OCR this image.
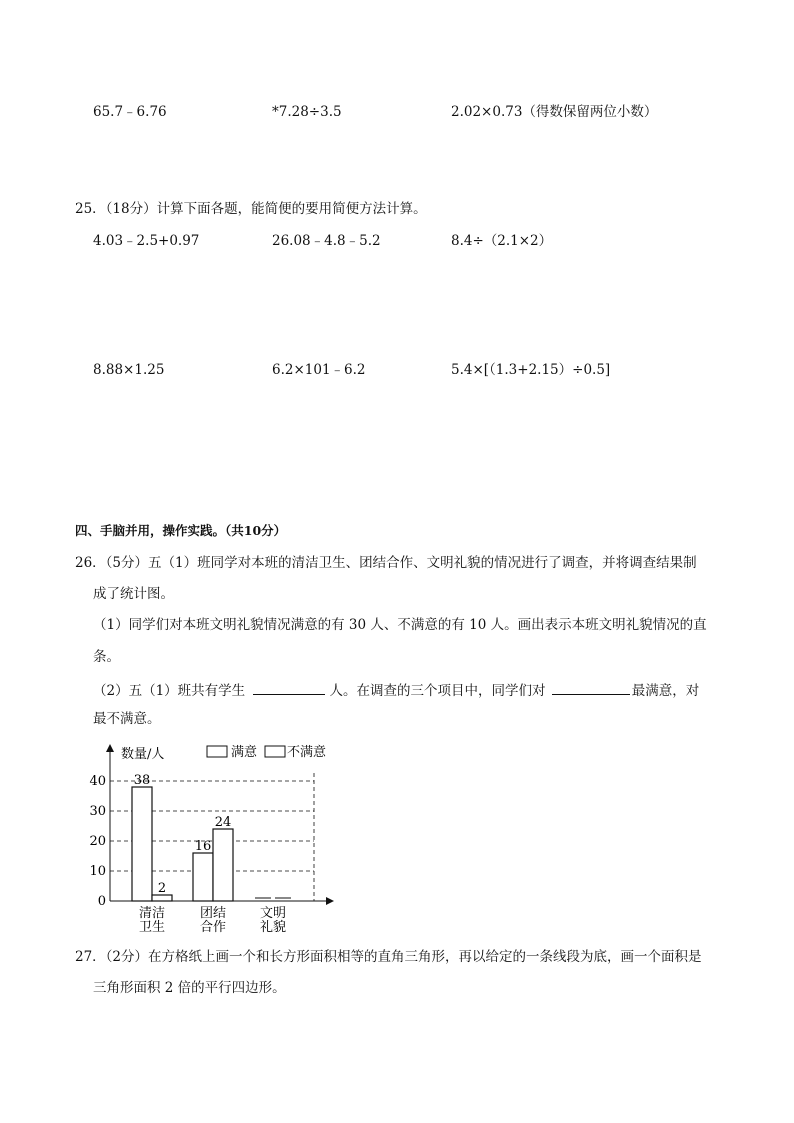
65.7﹣6.76	*7.28÷3.5	2.02×0.73（得数保留两位小数）
25．（18分）计算下面各题，能简便的要用简便方法计算。
4.03﹣2.5+0.97	26.08﹣4.8﹣5.2	8.4÷（2.1×2）
8.88×1.25	6.2×101﹣6.2	5.4×[（1.3+2.15）÷0.5]
四、手脑并用，操作实践。（共10分）
26．（5分）五（1）班同学对本班的清洁卫生、团结合作、文明礼貌的情况进行了调查，并将调查结果制
成了统计图。
（1）同学们对本班文明礼貌情况满意的有 30 人、不满意的有 10 人。画出表示本班文明礼貌情况的直
条。
（2）五（1）班共有学生	人。在调查的三个项目中，同学们对	最满意，对
最不满意。
数量/人	满意 不满意
40
30
20
10
0
38
2
16
24
清洁
卫生
团结
合作
文明
礼貌
27．（2分）在方格纸上画一个和长方形面积相等的直角三角形，再以给定的一条线段为底，画一个面积是
三角形面积 2 倍的平行四边形。
